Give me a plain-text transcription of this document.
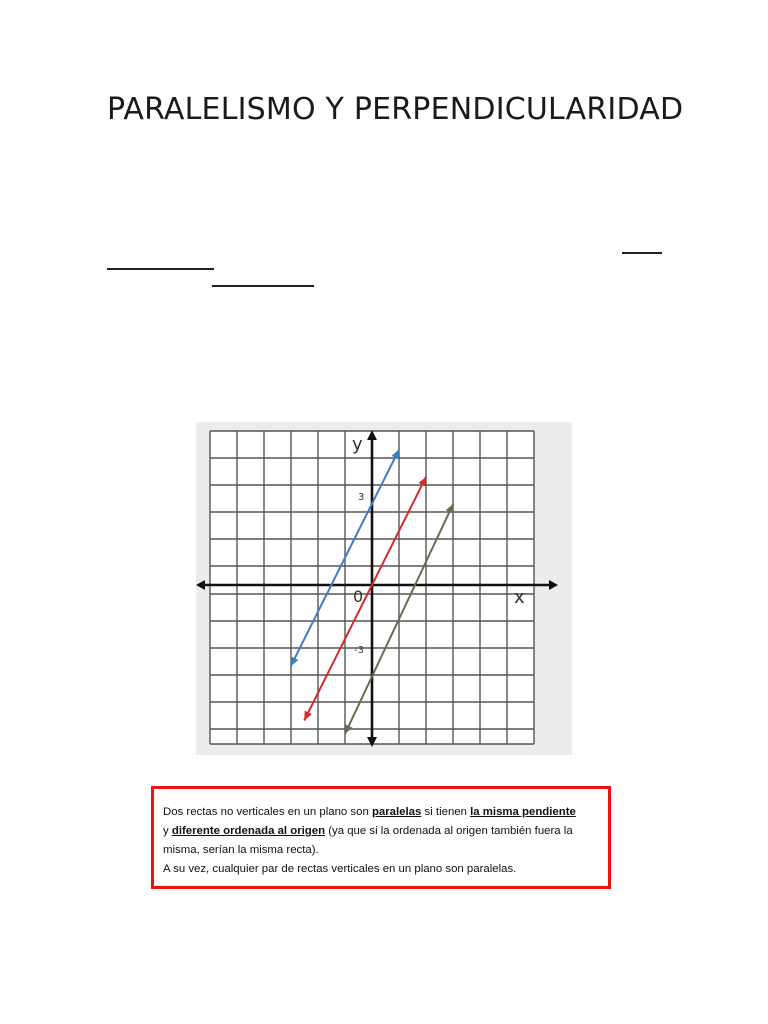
PARALELISMO Y PERPENDICULARIDAD
y
x
0
3
-3
Dos rectas no verticales en un plano son paralelas si tienen la misma pendiente
y diferente ordenada al origen (ya que si la ordenada al origen también fuera la misma, serían la misma recta).
A su vez, cualquier par de rectas verticales en un plano son paralelas.
